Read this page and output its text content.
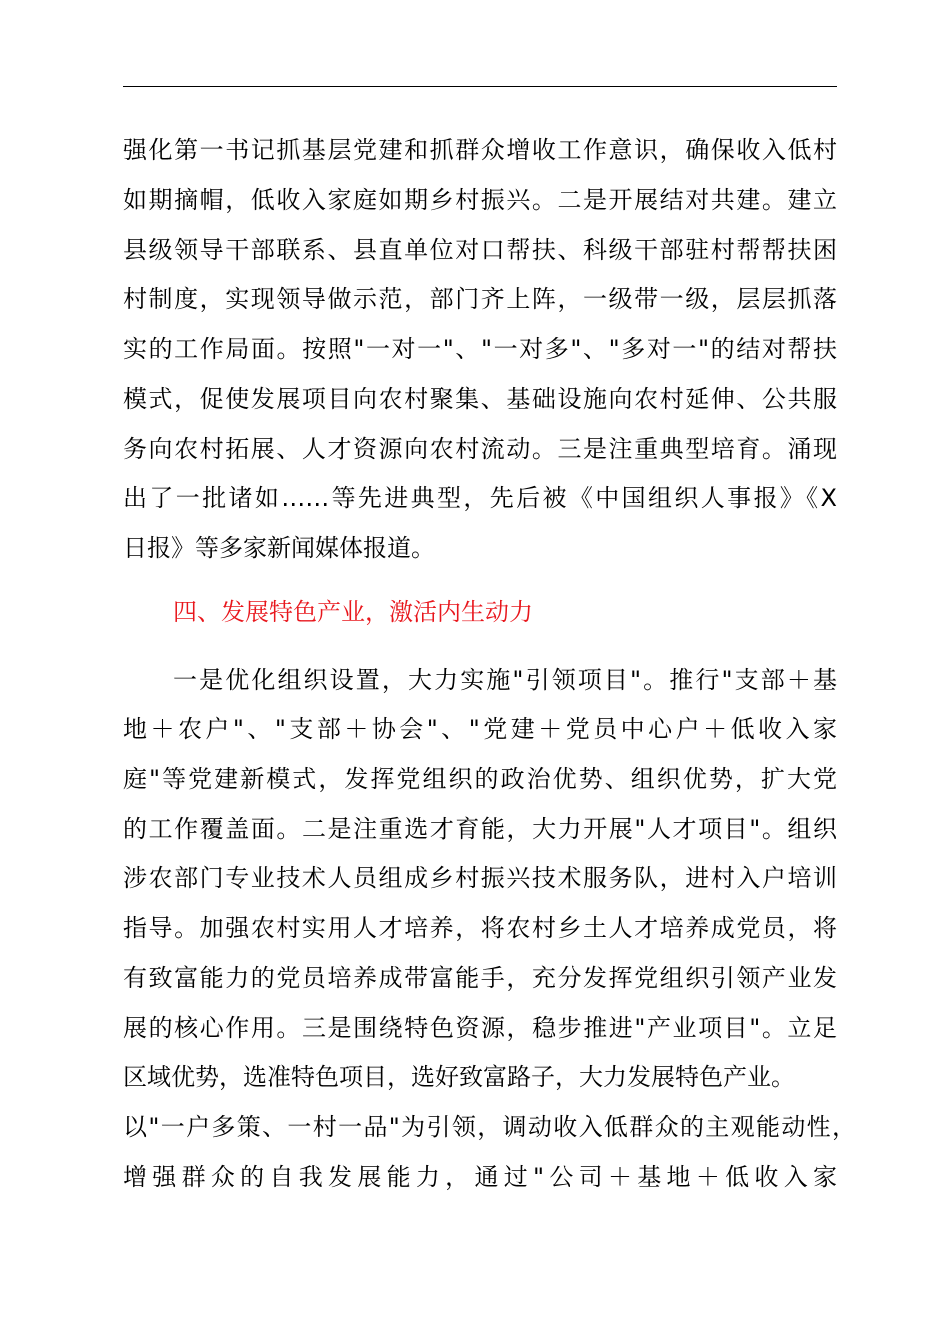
强化第一书记抓基层党建和抓群众增收工作意识，确保收入低村
如期摘帽，低收入家庭如期乡村振兴。二是开展结对共建。建立
县级领导干部联系、县直单位对口帮扶、科级干部驻村帮帮扶困
村制度，实现领导做示范，部门齐上阵，一级带一级，层层抓落
实的工作局面。按照"一对一"、"一对多"、"多对一"的结对帮扶
模式，促使发展项目向农村聚集、基础设施向农村延伸、公共服
务向农村拓展、人才资源向农村流动。三是注重典型培育。涌现
出了一批诸如……等先进典型，先后被《中国组织人事报》《X
日报》等多家新闻媒体报道。
四、发展特色产业，激活内生动力
一是优化组织设置，大力实施"引领项目"。推行"支部＋基
地＋农户"、"支部＋协会"、"党建＋党员中心户＋低收入家
庭"等党建新模式，发挥党组织的政治优势、组织优势，扩大党
的工作覆盖面。二是注重选才育能，大力开展"人才项目"。组织
涉农部门专业技术人员组成乡村振兴技术服务队，进村入户培训
指导。加强农村实用人才培养，将农村乡土人才培养成党员，将
有致富能力的党员培养成带富能手，充分发挥党组织引领产业发
展的核心作用。三是围绕特色资源，稳步推进"产业项目"。立足
区域优势，选准特色项目，选好致富路子，大力发展特色产业。
以"一户多策、一村一品"为引领，调动收入低群众的主观能动性，
增强群众的自我发展能力，通过"公司＋基地＋低收入家
